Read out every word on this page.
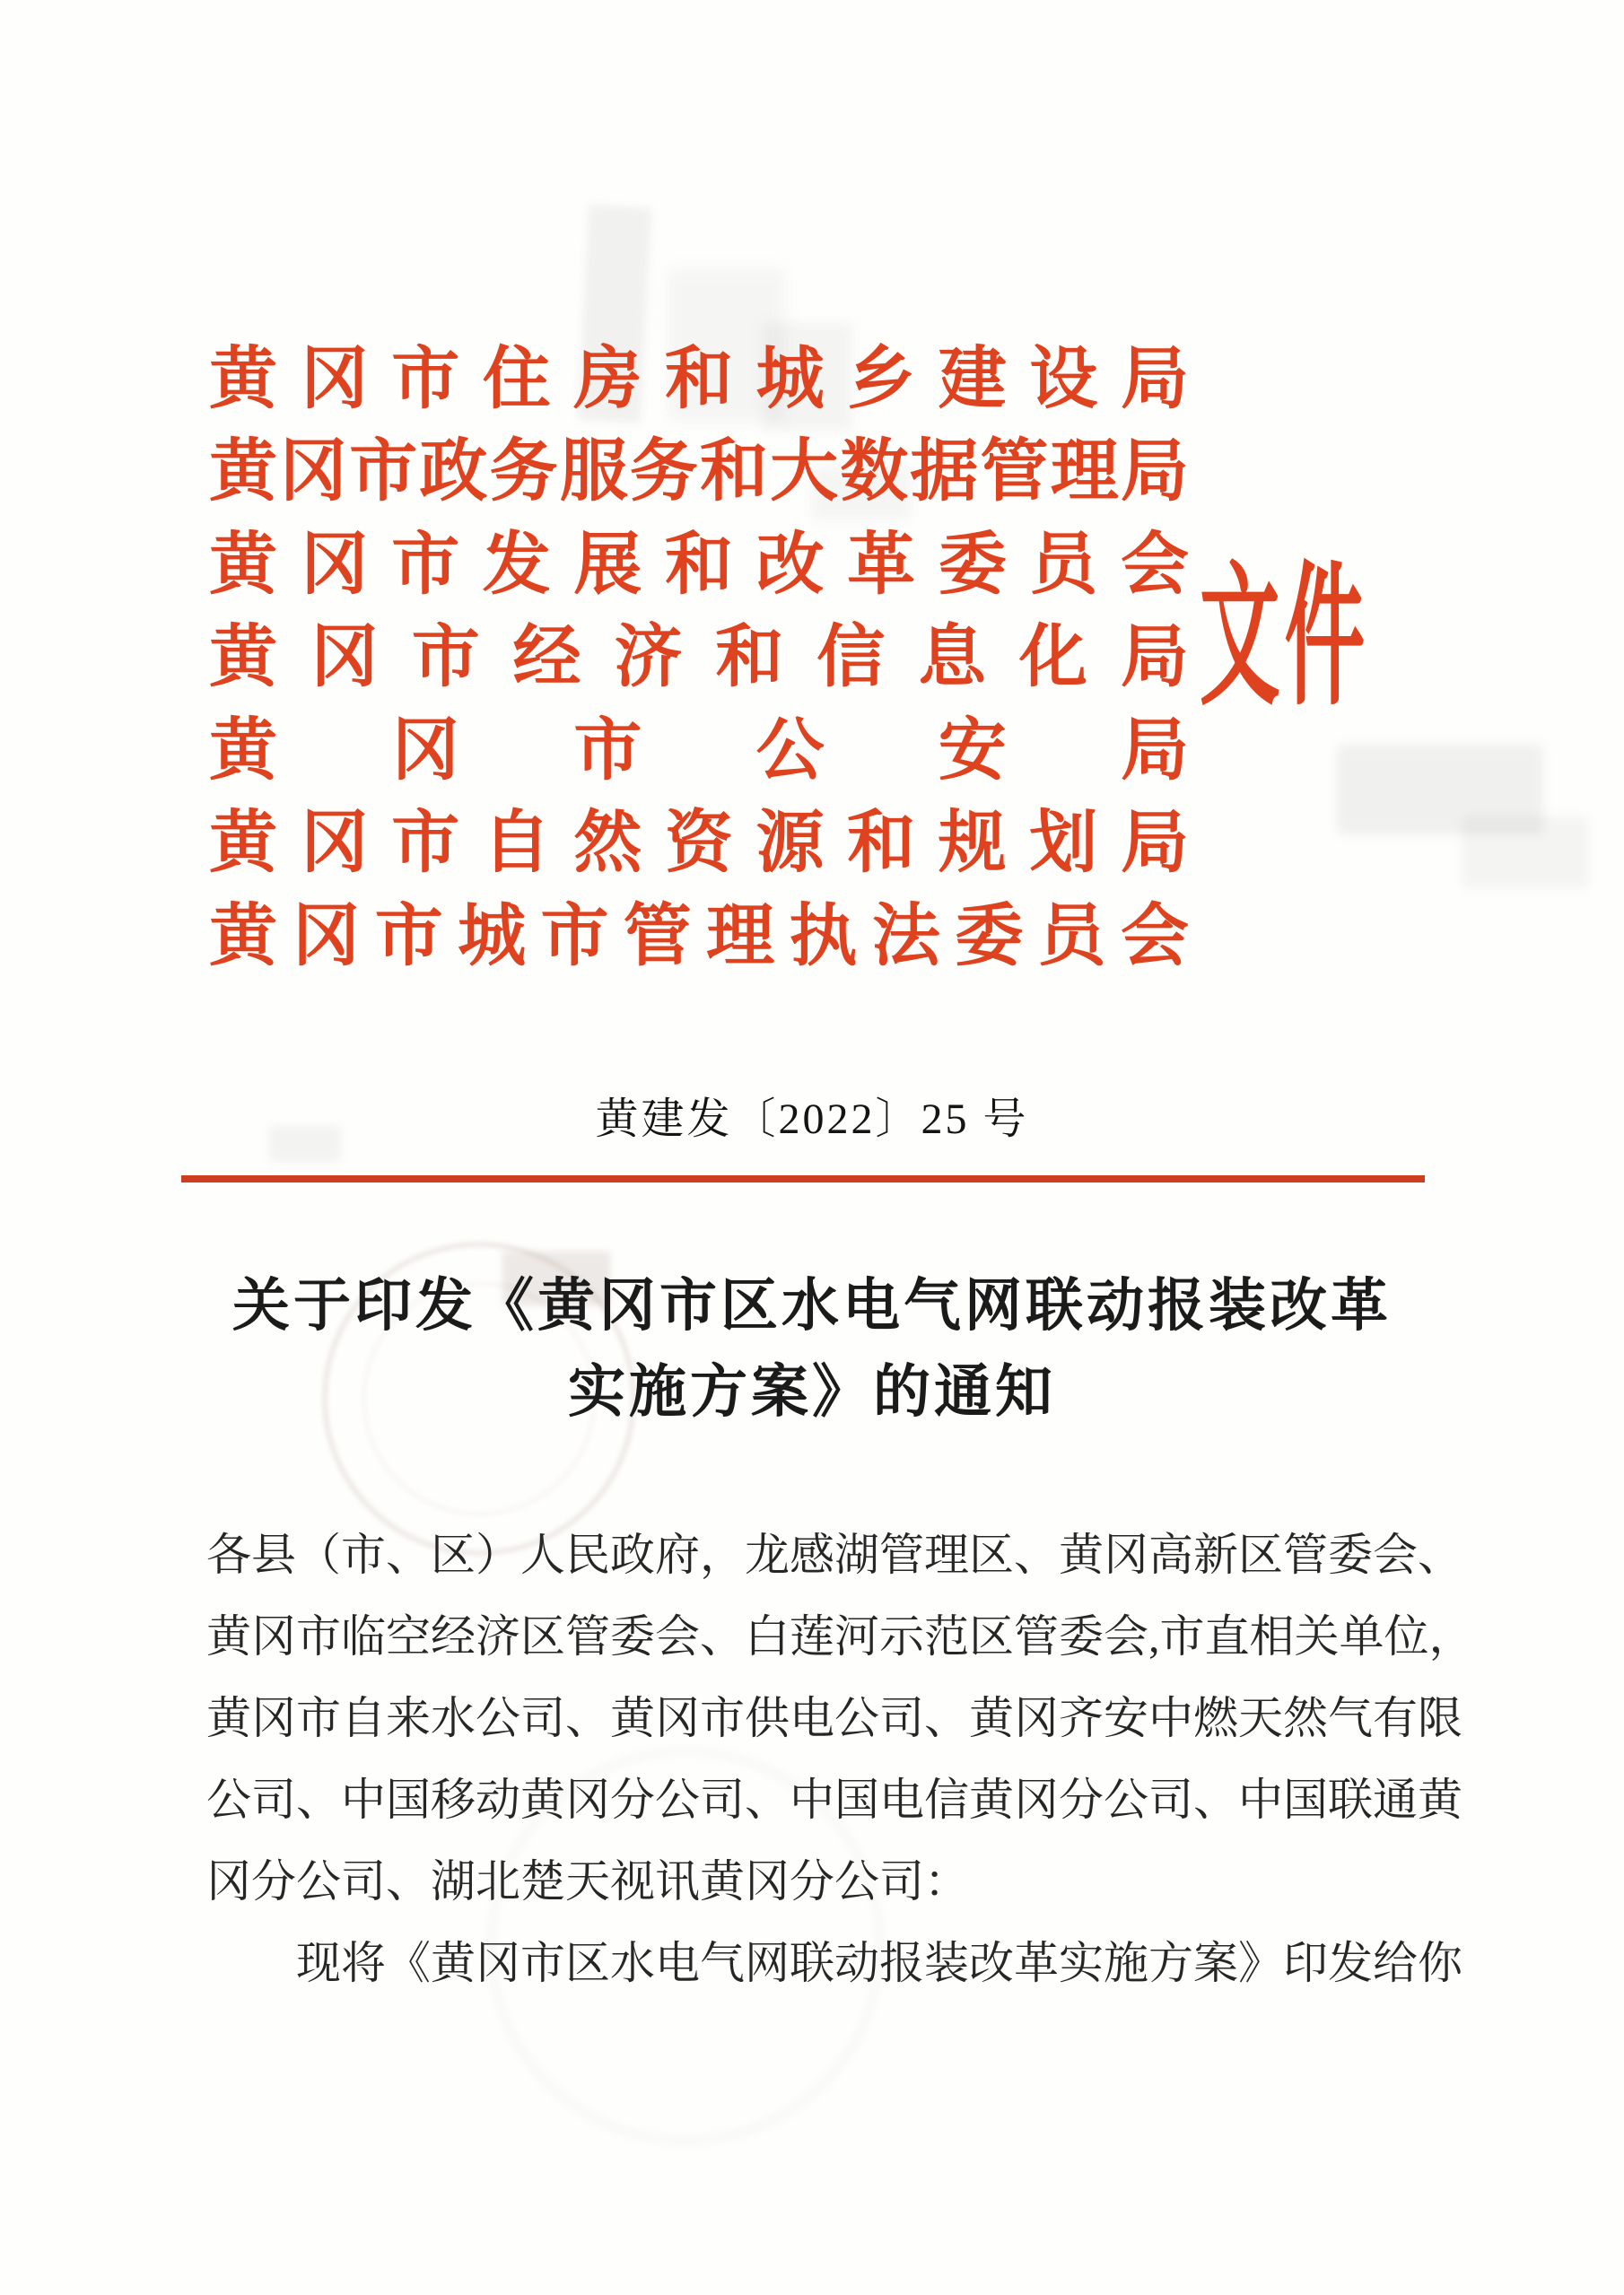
黄 冈 市 住 房 和 城 乡 建 设 局
黄 冈 市 政 务 服 务 和 大 数 据 管 理 局
黄 冈 市 发 展 和 改 革 委 员 会
黄 冈 市 经 济 和 信 息 化 局
黄 冈 市 公 安 局
黄 冈 市 自 然 资 源 和 规 划 局
黄 冈 市 城 市 管 理 执 法 委 员 会
文件
黄建发〔2022〕25 号
关于印发《黄冈市区水电气网联动报装改革
实施方案》的通知
各 县 （ 市 、 区 ） 人 民 政 府 ， 龙 感 湖 管 理 区 、 黄 冈 高 新 区 管 委 会 、
黄 冈 市 临 空 经 济 区 管 委 会 、 白 莲 河 示 范 区 管 委 会 , 市 直 相 关 单 位 ，
黄 冈 市 自 来 水 公 司 、 黄 冈 市 供 电 公 司 、 黄 冈 齐 安 中 燃 天 然 气 有 限
公 司 、 中 国 移 动 黄 冈 分 公 司 、 中 国 电 信 黄 冈 分 公 司 、 中 国 联 通 黄
冈分公司、湖北楚天视讯黄冈分公司：
现将《黄冈市区水电气网联动报装改革实施方案》印发给你
